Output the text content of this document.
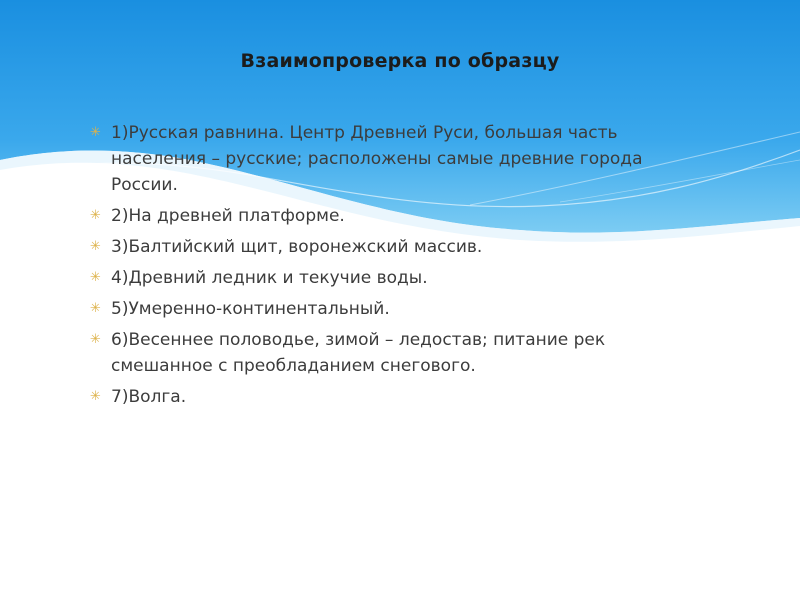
Взаимопроверка по образцу
✳ 1)Русская равнина. Центр Древней Руси, большая часть населения – русские; расположены самые древние города России.
✳ 2)На древней платформе.
✳ 3)Балтийский щит, воронежский массив.
✳ 4)Древний ледник и текучие воды.
✳ 5)Умеренно-континентальный.
✳ 6)Весеннее половодье, зимой – ледостав; питание рек смешанное с преобладанием снегового.
✳ 7)Волга.
